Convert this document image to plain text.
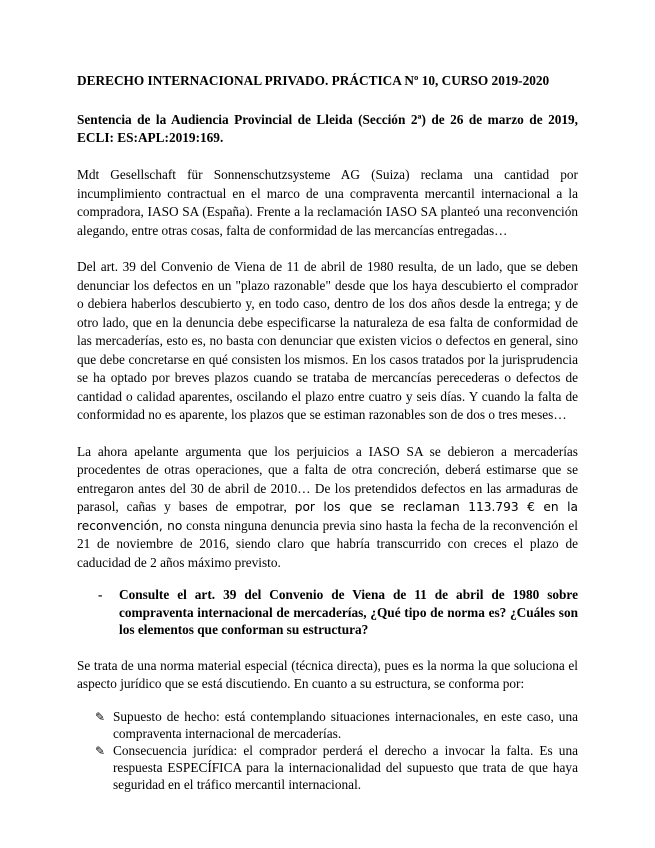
DERECHO INTERNACIONAL PRIVADO. PRÁCTICA Nº 10, CURSO 2019-2020
Sentencia de la Audiencia Provincial de Lleida (Sección 2ª) de 26 de marzo de 2019, ECLI: ES:APL:2019:169.

Mdt Gesellschaft für Sonnenschutzsysteme AG (Suiza) reclama una cantidad por incumplimiento contractual en el marco de una compraventa mercantil internacional a la compradora, IASO SA (España). Frente a la reclamación IASO SA planteó una reconvención alegando, entre otras cosas, falta de conformidad de las mercancías entregadas…

Del art. 39 del Convenio de Viena de 11 de abril de 1980 resulta, de un lado, que se deben denunciar los defectos en un "plazo razonable" desde que los haya descubierto el comprador o debiera haberlos descubierto y, en todo caso, dentro de los dos años desde la entrega; y de otro lado, que en la denuncia debe especificarse la naturaleza de esa falta de conformidad de las mercaderías, esto es, no basta con denunciar que existen vicios o defectos en general, sino que debe concretarse en qué consisten los mismos. En los casos tratados por la jurisprudencia se ha optado por breves plazos cuando se trataba de mercancías perecederas o defectos de cantidad o calidad aparentes, oscilando el plazo entre cuatro y seis días. Y cuando la falta de conformidad no es aparente, los plazos que se estiman razonables son de dos o tres meses…

La ahora apelante argumenta que los perjuicios a IASO SA se debieron a mercaderías procedentes de otras operaciones, que a falta de otra concreción, deberá estimarse que se entregaron antes del 30 de abril de 2010… De los pretendidos defectos en las armaduras de parasol, cañas y bases de empotrar, por los que se reclaman 113.793 € en la reconvención, no consta ninguna denuncia previa sino hasta la fecha de la reconvención el 21 de noviembre de 2016, siendo claro que habría transcurrido con creces el plazo de caducidad de 2 años máximo previsto.

- Consulte el art. 39 del Convenio de Viena de 11 de abril de 1980 sobre compraventa internacional de mercaderías, ¿Qué tipo de norma es? ¿Cuáles son los elementos que conforman su estructura?

Se trata de una norma material especial (técnica directa), pues es la norma la que soluciona el aspecto jurídico que se está discutiendo. En cuanto a su estructura, se conforma por:

✎ Supuesto de hecho: está contemplando situaciones internacionales, en este caso, una compraventa internacional de mercaderías.
✎ Consecuencia jurídica: el comprador perderá el derecho a invocar la falta. Es una respuesta ESPECÍFICA para la internacionalidad del supuesto que trata de que haya seguridad en el tráfico mercantil internacional.
